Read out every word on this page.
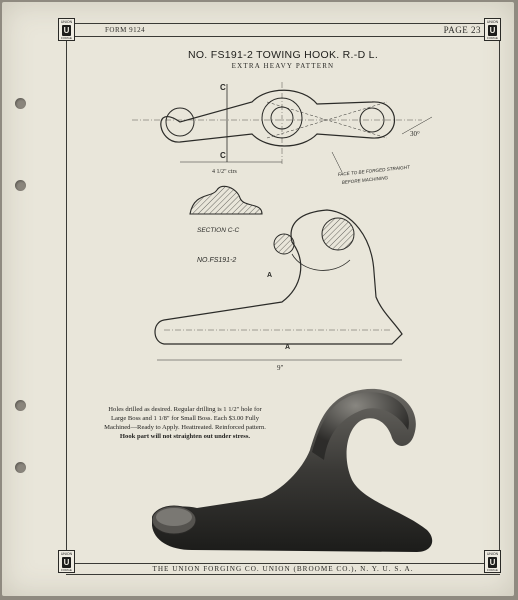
FORM 9124	PAGE 23
UNION
U
FORGE
UNION
U
FORGE
UNION
U
FORGE
UNION
U
FORGE
NO. FS191-2 TOWING HOOK. R.-D L.
EXTRA HEAVY PATTERN
30°
C
C
4 1/2" ctrs	FACE TO BE FORGED STRAIGHT
BEFORE MACHINING
SECTION C-C
NO.FS191-2
A
A
9"
Holes drilled as desired. Regular drilling is 1 1/2" hole for Large Boss and 1 1/8" for Small Boss. Each $3.00 Fully Machined—Ready to Apply. Heattreated. Reinforced pattern. Hook part will not straighten out under stress.
THE UNION FORGING CO. UNION (BROOME CO.), N. Y. U. S. A.
